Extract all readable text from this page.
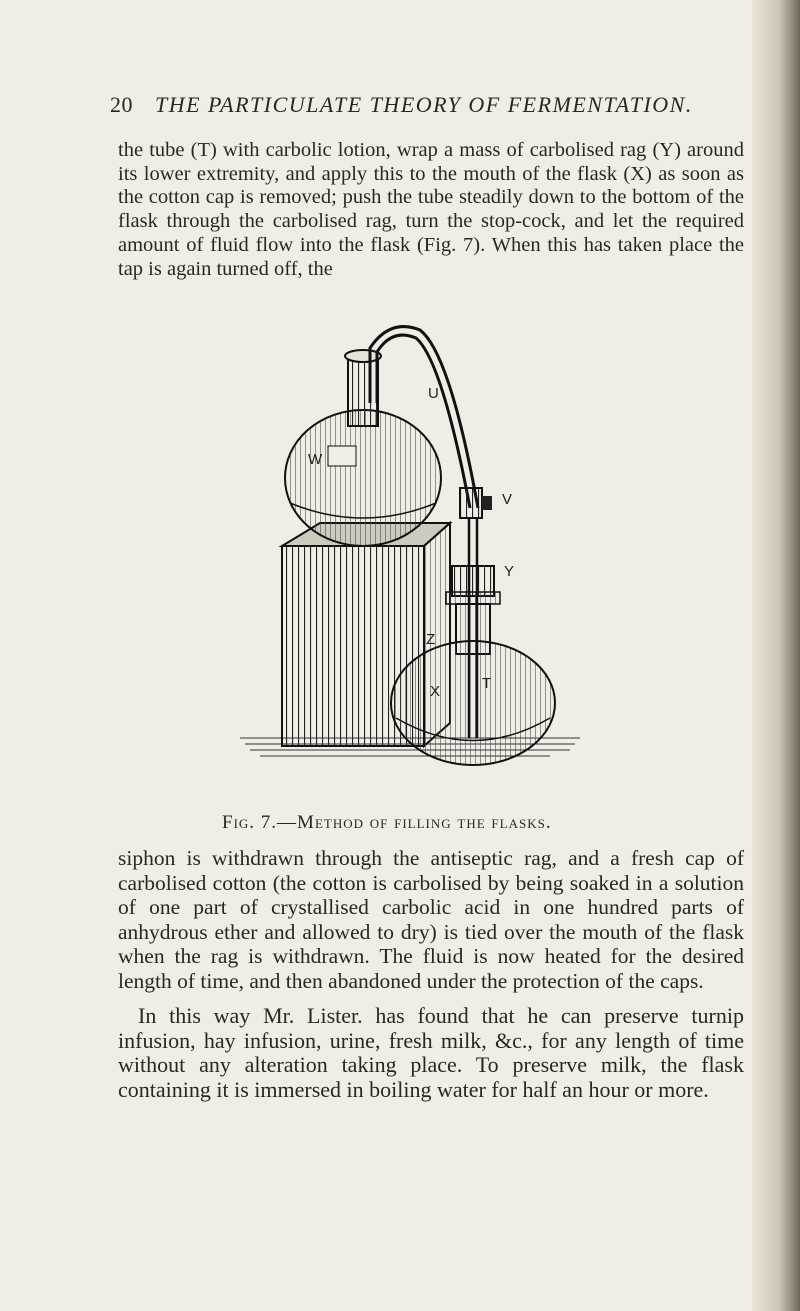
20 THE PARTICULATE THEORY OF FERMENTATION.

the tube (T) with carbolic lotion, wrap a mass of carbolised rag (Y) around its lower extremity, and apply this to the mouth of the flask (X) as soon as the cotton cap is removed; push the tube steadily down to the bottom of the flask through the carbolised rag, turn the stop-cock, and let the required amount of fluid flow into the flask (Fig. 7). When this has taken place the tap is again turned off, the

U
W
V
Y
Z
X	T
Fig. 7.—Method of filling the flasks.

siphon is withdrawn through the antiseptic rag, and a fresh cap of carbolised cotton (the cotton is carbolised by being soaked in a solution of one part of crystallised carbolic acid in one hundred parts of anhydrous ether and allowed to dry) is tied over the mouth of the flask when the rag is withdrawn. The fluid is now heated for the desired length of time, and then abandoned under the protection of the caps.

In this way Mr. Lister. has found that he can preserve turnip infusion, hay infusion, urine, fresh milk, &c., for any length of time without any alteration taking place. To preserve milk, the flask containing it is immersed in boiling water for half an hour or more.
